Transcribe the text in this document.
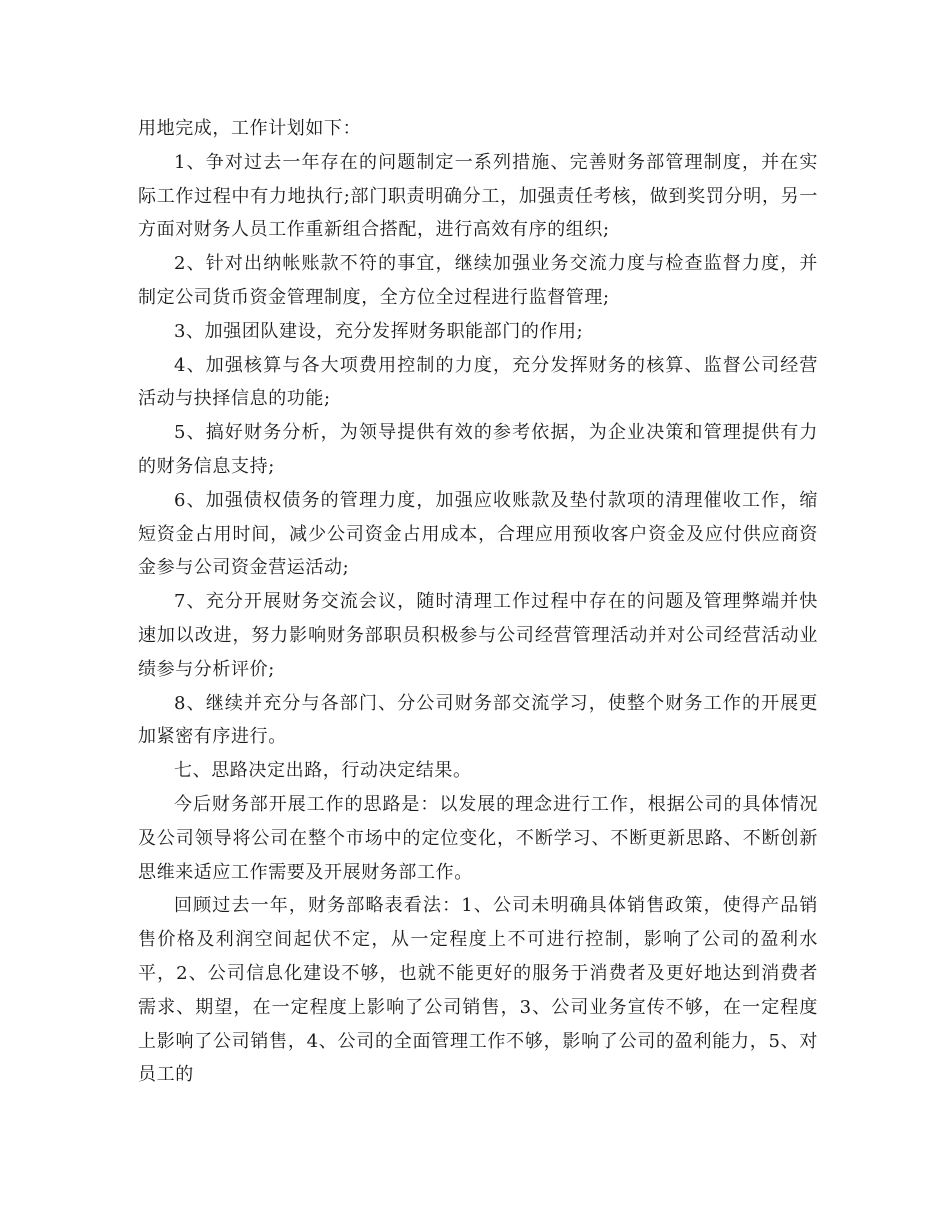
用地完成，工作计划如下：

1、争对过去一年存在的问题制定一系列措施、完善财务部管理制度，并在实际工作过程中有力地执行;部门职责明确分工，加强责任考核，做到奖罚分明，另一方面对财务人员工作重新组合搭配，进行高效有序的组织;

2、针对出纳帐账款不符的事宜，继续加强业务交流力度与检查监督力度，并制定公司货币资金管理制度，全方位全过程进行监督管理;

3、加强团队建设，充分发挥财务职能部门的作用;

4、加强核算与各大项费用控制的力度，充分发挥财务的核算、监督公司经营活动与抉择信息的功能;

5、搞好财务分析，为领导提供有效的参考依据，为企业决策和管理提供有力的财务信息支持;

6、加强债权债务的管理力度，加强应收账款及垫付款项的清理催收工作，缩短资金占用时间，减少公司资金占用成本，合理应用预收客户资金及应付供应商资金参与公司资金营运活动;

7、充分开展财务交流会议，随时清理工作过程中存在的问题及管理弊端并快速加以改进，努力影响财务部职员积极参与公司经营管理活动并对公司经营活动业绩参与分析评价;

8、继续并充分与各部门、分公司财务部交流学习，使整个财务工作的开展更加紧密有序进行。

七、思路决定出路，行动决定结果。

今后财务部开展工作的思路是：以发展的理念进行工作，根据公司的具体情况及公司领导将公司在整个市场中的定位变化，不断学习、不断更新思路、不断创新思维来适应工作需要及开展财务部工作。

回顾过去一年，财务部略表看法：1、公司未明确具体销售政策，使得产品销售价格及利润空间起伏不定，从一定程度上不可进行控制，影响了公司的盈利水平，2、公司信息化建设不够，也就不能更好的服务于消费者及更好地达到消费者需求、期望，在一定程度上影响了公司销售，3、公司业务宣传不够，在一定程度上影响了公司销售，4、公司的全面管理工作不够，影响了公司的盈利能力，5、对员工的
